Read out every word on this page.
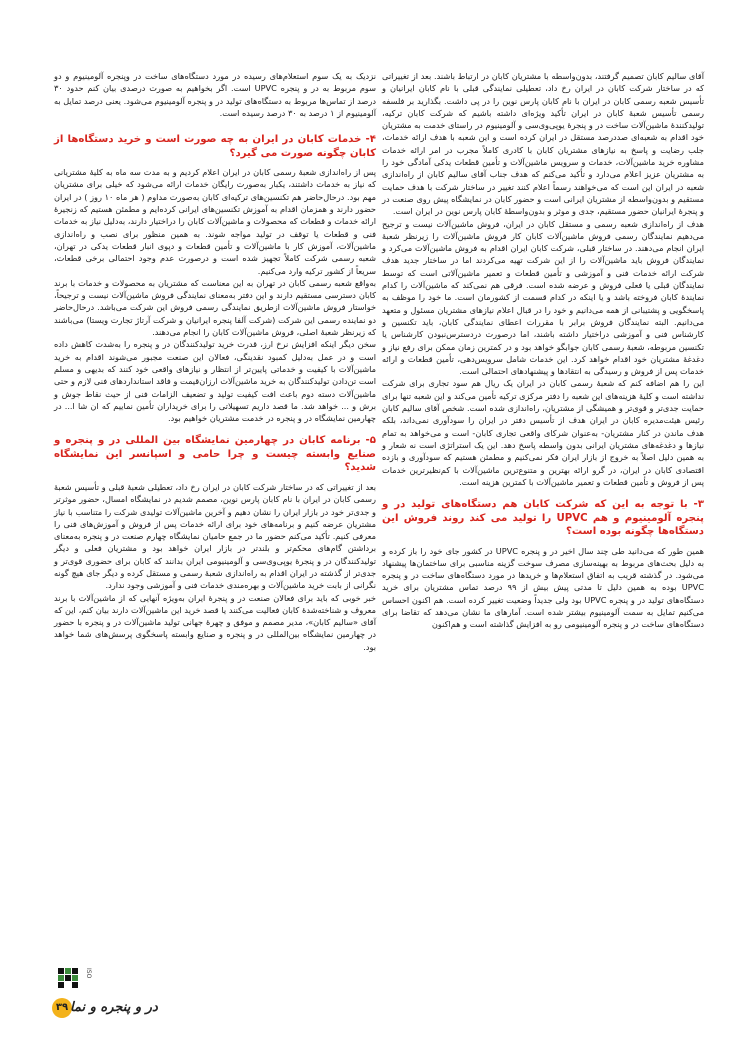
آقای سالیم کابان تصمیم گرفتند، بدون‌واسطه با مشتریان کابان در ارتباط باشند. بعد از تغییراتی که در ساختار شرکت کابان در ایران رخ داد، تعطیلی نمایندگی قبلی با نام کابان ایرانیان و تأسیس شعبه رسمی کابان در ایران با نام کابان پارس نوین را در پی داشت. بگذارید بر فلسفه رسمی تأسیس شعبهٔ کابان در ایران تأکید ویژه‌ای داشته باشیم که شرکت کابان ترکیه، تولیدکنندهٔ ماشین‌آلات ساخت در و پنجرهٔ یوپی‌وی‌سی و آلومینیوم در راستای خدمت به مشتریان خود اقدام به شعبه‌ای صددرصد مستقل در ایران کرده است و این شعبه با هدف ارائه خدمات، جلب رضایت و پاسخ به نیازهای مشتریان کابان با کادری کاملاً مجرب در امر ارائه خدمات مشاوره خرید ماشین‌آلات، خدمات و سرویس ماشین‌آلات و تأمین قطعات یدکی آمادگی خود را به مشتریان عزیز اعلام می‌دارد و تأکید می‌کنم که هدف جناب آقای سالیم کابان از راه‌اندازی شعبه در ایران این است که می‌خواهند رسماً اعلام کنند تغییر در ساختار شرکت با هدف حمایت مستقیم و بدون‌واسطه از مشتریان ایرانی است و حضور کابان در نمایشگاه پیش روی صنعت در و پنجرهٔ ایرانیان حضور مستقیم، جدی و موثر و بدون‌واسطهٔ کابان پارس نوین در ایران است.

هدف از راه‌اندازی شعبه رسمی و مستقل کابان در ایران، فروش ماشین‌آلات نیست و ترجیح می‌دهیم نمایندگان رسمی فروش ماشین‌آلات کابان کار فروش ماشین‌آلات را زیرنظر شعبهٔ ایران انجام می‌دهند. در ساختار قبلی، شرکت کابان ایران اقدام به فروش ماشین‌آلات می‌کرد و نمایندگان فروش باید ماشین‌آلات را از این شرکت تهیه می‌کردند اما در ساختار جدید هدف شرکت ارائه خدمات فنی و آموزشی و تأمین قطعات و تعمیر ماشین‌آلاتی است که توسط نمایندگان قبلی یا فعلی فروش و عرضه شده است. فرقی هم نمی‌کند که ماشین‌آلات را کدام نمایندهٔ کابان فروخته باشد و یا اینکه در کدام قسمت از کشورمان است. ما خود را موظف به پاسخگویی و پشتیبانی از همه می‌دانیم و خود را در قبال اعلام نیازهای مشتریان مسئول و متعهد می‌دانیم. البته نمایندگان فروش برابر با مقررات اعطای نمایندگی کابان، باید تکنسین و کارشناس فنی و آموزشی دراختیار داشته باشند، اما درصورت دردسترس‌نبودن کارشناس یا تکنسین مربوطه، شعبهٔ رسمی کابان جوابگو خواهد بود و در کمترین زمان ممکن برای رفع نیاز و دغدغهٔ مشتریان خود اقدام خواهد کرد. این خدمات شامل سرویس‌دهی، تأمین قطعات و ارائه خدمات پس از فروش و رسیدگی به انتقادها و پیشنهادهای احتمالی است.

این را هم اضافه کنم که شعبهٔ رسمی کابان در ایران یک ریال هم سود تجاری برای شرکت نداشته است و کلیهٔ هزینه‌های این شعبه را دفتر مرکزی ترکیه تأمین می‌کند و این شعبه تنها برای حمایت جدی‌تر و قوی‌تر و همیشگی از مشتریان، راه‌اندازی شده است. شخص آقای سالیم کابان رئیس هیئت‌مدیره کابان در ایران هدف از تأسیس دفتر در ایران را سودآوری نمی‌داند، بلکه هدف ماندن در کنار مشتریان- به‌عنوان شرکای واقعی تجاری کابان- است و می‌خواهد به تمام نیازها و دغدغه‌های مشتریان ایرانی بدون واسطه پاسخ دهد. این یک استراتژی است نه شعار و به همین دلیل اصلاً به خروج از بازار ایران فکر نمی‌کنیم و مطمئن هستیم که سودآوری و بازده اقتصادی کابان در ایران، در گرو ارائه بهترین و متنوع‌ترین ماشین‌آلات با کم‌نظیرترین خدمات پس از فروش و تأمین قطعات و تعمیر ماشین‌آلات با کمترین هزینه است.

۳- با توجه به این که شرکت کابان هم دستگاه‌های تولید در و پنجره آلومینیوم و هم UPVC را تولید می کند روند فروش این دستگاه‌ها چگونه بوده است؟

همین طور که می‌دانید طی چند سال اخیر در و پنجره UPVC در کشور جای خود را باز کرده و به دلیل بحث‌های مربوط به بهینه‌سازی مصرف سوخت گزینه مناسبی برای ساختمان‌ها پیشنهاد می‌شود. در گذشته قریب به اتفاق استعلام‌ها و خریدها در مورد دستگاه‌های ساخت در و پنجره UPVC بوده به همین دلیل تا مدتی پیش بیش از ۹۹ درصد تماس مشتریان برای خرید دستگاه‌های تولید در و پنجره UPVC بود ولی جدیداً وضعیت تغییر کرده است. هم اکنون احساس می‌کنیم تمایل به سمت آلومینیوم بیشتر شده است. آمارهای ما نشان می‌دهد که تقاضا برای دستگاه‌های ساخت در و پنجره آلومینیومی رو به افزایش گذاشته است و هم‌اکنون

نزدیک به یک سوم استعلام‌های رسیده در مورد دستگاه‌های ساخت در وپنجره آلومینیوم و دو سوم مربوط به در و پنجره UPVC است. اگر بخواهیم به صورت درصدی بیان کنم حدود ۳۰ درصد از تماس‌ها مربوط به دستگاه‌های تولید در و پنجره آلومینیوم می‌شود. یعنی درصد تمایل به آلومینیوم از ۱ درصد به ۳۰ درصد رسیده است.

۴- خدمات کابان در ایران به چه صورت است و خرید دستگاه‌ها از کابان چگونه صورت می گیرد؟

پس از راه‌اندازی شعبهٔ رسمی کابان در ایران اعلام کردیم و به مدت سه ماه به کلیهٔ مشتریانی که نیاز به خدمات داشتند، یکبار به‌صورت رایگان خدمات ارائه می‌شود که خیلی برای مشتریان مهم بود. درحال‌حاضر هم تکنسین‌های ترکیه‌ای کابان به‌صورت مداوم ( هر ماه ۱۰ روز ) در ایران حضور دارند و همزمان اقدام به آموزش تکنسین‌های ایرانی کرده‌ایم و مطمئن هستیم که زنجیرهٔ ارائه خدمات و قطعات که محصولات و ماشین‌آلات کابان را دراختیار دارند، به‌دلیل نیاز به خدمات فنی و قطعات یا توقف در تولید مواجه شوند. به همین منظور برای نصب و راه‌اندازی ماشین‌آلات، آموزش کار با ماشین‌آلات و تأمین قطعات و دپوی انبار قطعات یدکی در تهران، شعبه رسمی شرکت کاملاً تجهیز شده است و درصورت عدم وجود احتمالی برخی قطعات، سریعاً از کشور ترکیه وارد می‌کنیم.

به‌واقع شعبه رسمی کابان در تهران به این معناست که مشتریان به محصولات و خدمات با برند کابان دسترسی مستقیم دارند و این دفتر به‌معنای نمایندگی فروش ماشین‌آلات نیست و ترجیحاً، خواستار فروش ماشین‌آلات ازطریق نمایندگی رسمی فروش این شرکت می‌باشد. درحال‌حاضر دو نماینده رسمی این شرکت (شرکت آلفا پنجره ایرانیان و شرکت آرتاژ تجارت ویستا) می‌باشند که زیرنظر شعبهٔ اصلی، فروش ماشین‌آلات کابان را انجام می‌دهند.

سخن دیگر اینکه افزایش نرخ ارز، قدرت خرید تولیدکنندگان در و پنجره را به‌شدت کاهش داده است و در عمل به‌دلیل کمبود نقدینگی، فعالان این صنعت مجبور می‌شوند اقدام به خرید ماشین‌آلات با کیفیت و خدماتی پایین‌تر از انتظار و نیازهای واقعی خود کنند که بدیهی و مسلم است تن‌دادن تولیدکنندگان به خرید ماشین‌آلات ارزان‌قیمت و فاقد استانداردهای فنی لازم و حتی ماشین‌آلات دسته دوم باعث افت کیفیت تولید و تضعیف الزامات فنی از حیث نقاط جوش و برش و ... خواهد شد. ما قصد داریم تسهیلاتی را برای خریداران تأمین نماییم که ان شا ا... در چهارمین نمایشگاه در و پنجره در خدمت مشتریان خواهیم بود.

۵- برنامه کابان در چهارمین نمایشگاه بین المللی در و پنجره و صنایع وابسته چیست و چرا حامی و اسپانسر این نمایشگاه شدید؟

بعد از تغییراتی که در ساختار شرکت کابان در ایران رخ داد، تعطیلی شعبهٔ قبلی و تأسیس شعبهٔ رسمی کابان در ایران با نام کابان پارس نوین، مصمم شدیم در نمایشگاه امسال، حضور موثرتر و جدی‌تر خود در بازار ایران را نشان دهیم و آخرین ماشین‌آلات تولیدی شرکت را متناسب با نیاز مشتریان عرضه کنیم و برنامه‌های خود برای ارائه خدمات پس از فروش و آموزش‌های فنی را معرفی کنیم. تأکید می‌کنم حضور ما در جمع حامیان نمایشگاه چهارم صنعت در و پنجره به‌معنای برداشتن گام‌های محکم‌تر و بلندتر در بازار ایران خواهد بود و مشتریان فعلی و دیگر تولیدکنندگان در و پنجرهٔ یوپی‌وی‌سی و آلومینیومی ایران بدانند که کابان برای حضوری قوی‌تر و جدی‌تر از گذشته در ایران اقدام به راه‌اندازی شعبهٔ رسمی و مستقل کرده و دیگر جای هیچ گونه نگرانی از بابت خرید ماشین‌آلات و بهره‌مندی خدمات فنی و آموزشی وجود ندارد.

خبر خوبی که باید برای فعالان صنعت در و پنجرهٔ ایران به‌ویژه آنهایی که از ماشین‌آلات با برند معروف و شناخته‌شدهٔ کابان فعالیت می‌کنند یا قصد خرید این ماشین‌آلات دارند بیان کنم، این که آقای «سالیم کابان»، مدیر مصمم و موفق و چهرهٔ جهانی تولید ماشین‌آلات در و پنجره با حضور در چهارمین نمایشگاه بین‌المللی در و پنجره و صنایع وابسته پاسخگوی پرسش‌های شما خواهد بود.

ISO
۳۹ در و پنجره و نما
